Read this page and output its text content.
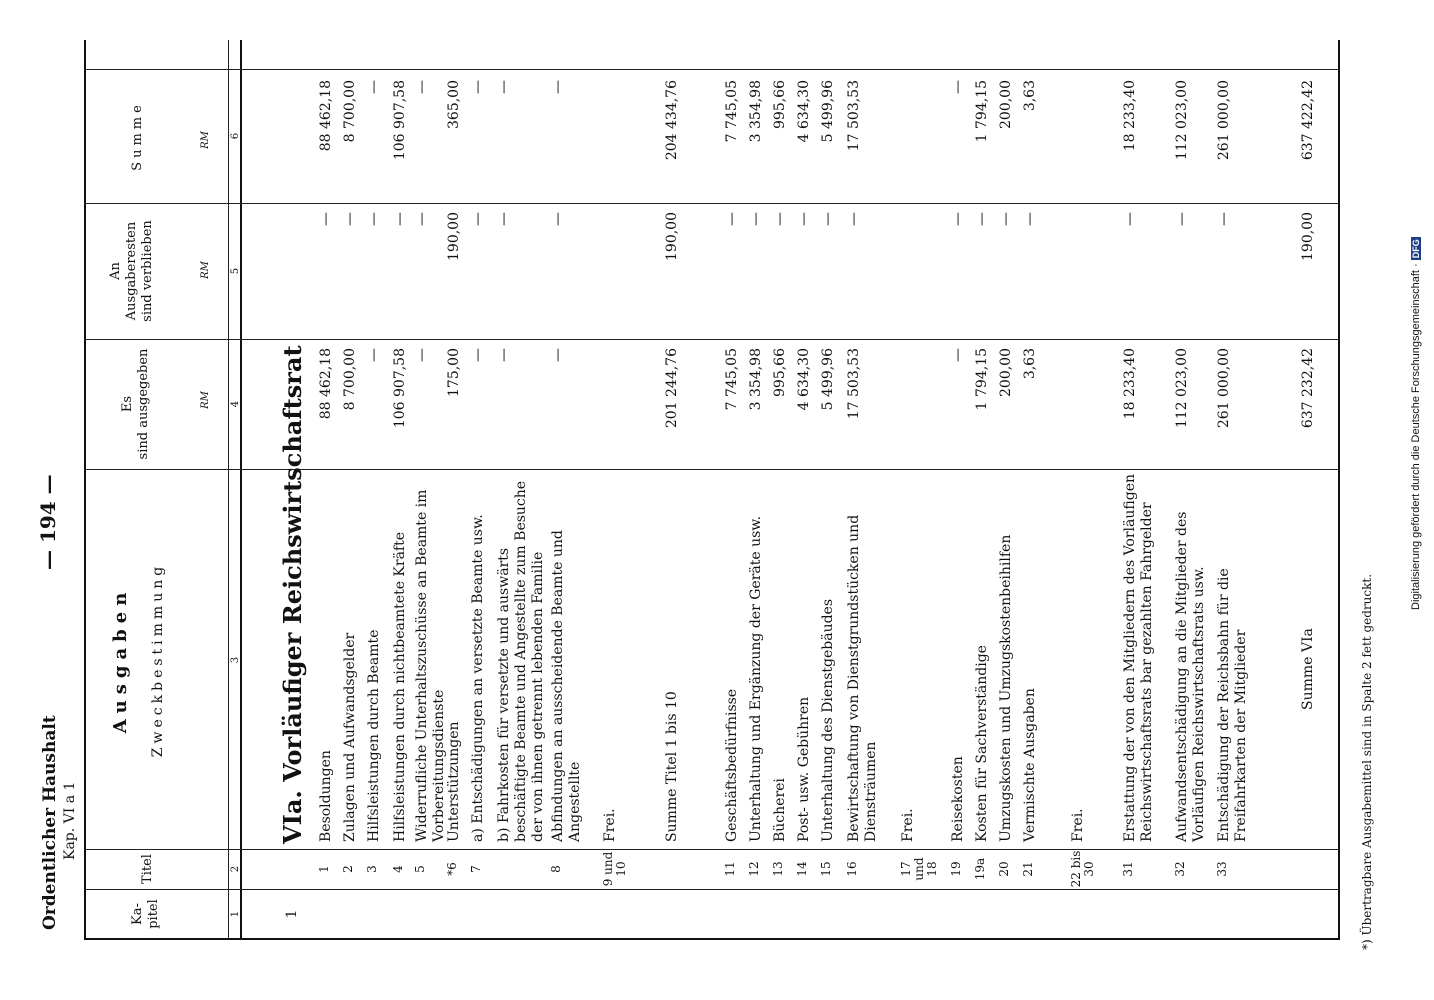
Ordentlicher Haushalt Kap. VI a 1
— 194 —
Ka- pitel
Titel
Ausgaben Zweckbestimmung
Es
sind ausgegeben
An
Ausgaberesten
sind verblieben
Summe
RM
RM
RM
1
2
3
4
5
6
1
VIa. Vorläufiger Reichswirtschaftsrat
1
Besoldungen
88 462,18
—
88 462,18
2
Zulagen und Aufwandsgelder
8 700,00
—
8 700,00
3
Hilfsleistungen durch Beamte
—
—
—
4
Hilfsleistungen durch nichtbeamtete Kräfte
106 907,58
—
106 907,58
5
Widerrufliche Unterhaltszuschüsse an Beamte im Vorbereitungsdienste
—
—
—
*6
Unterstützungen
175,00
190,00
365,00
7
a) Entschädigungen an versetzte Beamte usw.
—
—
—
b) Fahrkosten für versetzte und auswärts beschäftigte Beamte und Angestellte zum Besuche der von ihnen getrennt lebenden Familie
—
—
—
8
Abfindungen an ausscheidende Beamte und Angestellte
—
—
—
9 und 10
Frei.	Summe Titel 1 bis 10
201 244,76
190,00
204 434,76
11
Geschäftsbedürfnisse
7 745,05
—
7 745,05
12
Unterhaltung und Ergänzung der Geräte usw.
3 354,98
—
3 354,98
13
Bücherei
995,66
—
995,66
14
Post- usw. Gebühren
4 634,30
—
4 634,30
15
Unterhaltung des Dienstgebäudes
5 499,96
—
5 499,96
16
Bewirtschaftung von Dienstgrundstücken und Diensträumen
17 503,53
—
17 503,53
17 und 18
Frei.
19
Reisekosten
—
—
—
19a
Kosten für Sachverständige
1 794,15
—
1 794,15
20
Umzugskosten und Umzugskostenbeihilfen
200,00
—
200,00
21
Vermischte Ausgaben
3,63
—
3,63
22 bis 30
Frei.
31
Erstattung der von den Mitgliedern des Vorläufigen Reichswirtschaftsrats bar gezahlten Fahrgelder
18 233,40
—
18 233,40
32
Aufwandsentschädigung an die Mitglieder des Vorläufigen Reichswirtschaftsrats usw.
112 023,00
—
112 023,00
33
Entschädigung der Reichsbahn für die Freifahrkarten der Mitglieder
261 000,00
—
261 000,00
Summe VIa
637 232,42
190,00
637 422,42
*) Übertragbare Ausgabemittel sind in Spalte 2 fett gedruckt.
Digitalisierung gefördert durch die Deutsche Forschungsgemeinschaft · DFG
